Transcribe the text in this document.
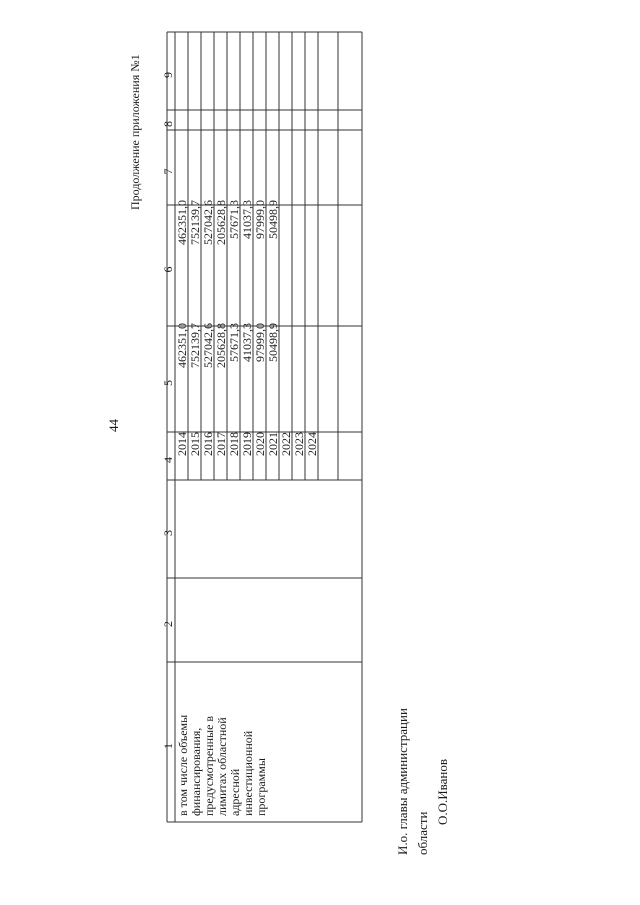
44
Продолжение приложения №1
1
2
3
4
5
6
7
8
9
2014 2015 2016 2017 2018 2019 2020 2021 2022 2023 2024
462351,0 752139,7 527042,6 205628,8 57671,3 41037,3 97999,0 50498,9
462351,0 752139,7 527042,6 205628,8 57671,3 41037,3 97999,0 50498,9
в том числе объемы финансирования, предусмотренные в лимитах областной адресной инвестиционной программы	И.о. главы администрации области
О.О.Иванов
